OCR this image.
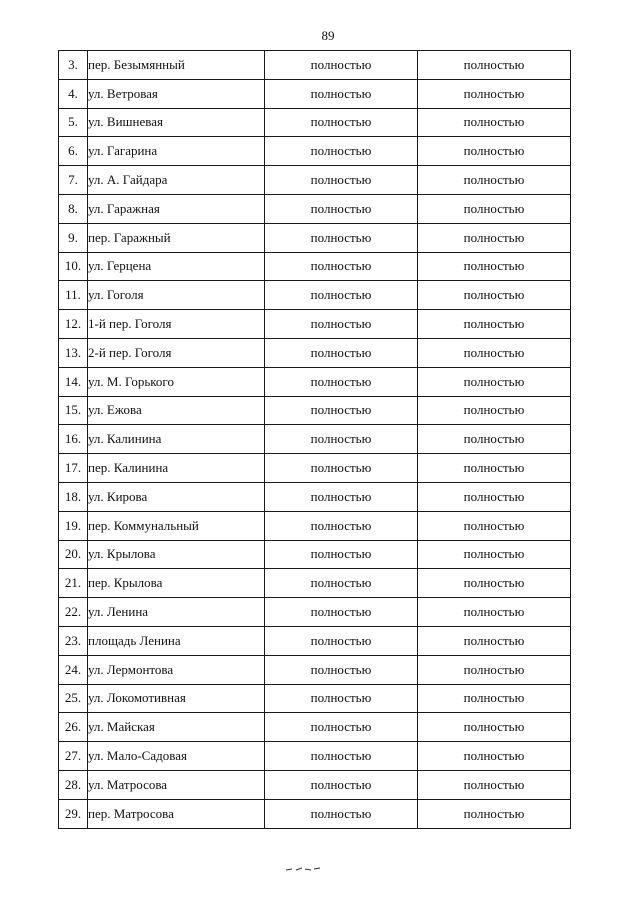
89
3.	пер. Безымянный	полностью	полностью
4.	ул. Ветровая	полностью	полностью
5.	ул. Вишневая	полностью	полностью
6.	ул. Гагарина	полностью	полностью
7.	ул. А. Гайдара	полностью	полностью
8.	ул. Гаражная	полностью	полностью
9.	пер. Гаражный	полностью	полностью
10.	ул. Герцена	полностью	полностью
11.	ул. Гоголя	полностью	полностью
12.	1-й пер. Гоголя	полностью	полностью
13.	2-й пер. Гоголя	полностью	полностью
14.	ул. М. Горького	полностью	полностью
15.	ул. Ежова	полностью	полностью
16.	ул. Калинина	полностью	полностью
17.	пер. Калинина	полностью	полностью
18.	ул. Кирова	полностью	полностью
19.	пер. Коммунальный	полностью	полностью
20.	ул. Крылова	полностью	полностью
21.	пер. Крылова	полностью	полностью
22.	ул. Ленина	полностью	полностью
23.	площадь Ленина	полностью	полностью
24.	ул. Лермонтова	полностью	полностью
25.	ул. Локомотивная	полностью	полностью
26.	ул. Майская	полностью	полностью
27.	ул. Мало-Садовая	полностью	полностью
28.	ул. Матросова	полностью	полностью
29.	пер. Матросова	полностью	полностью
